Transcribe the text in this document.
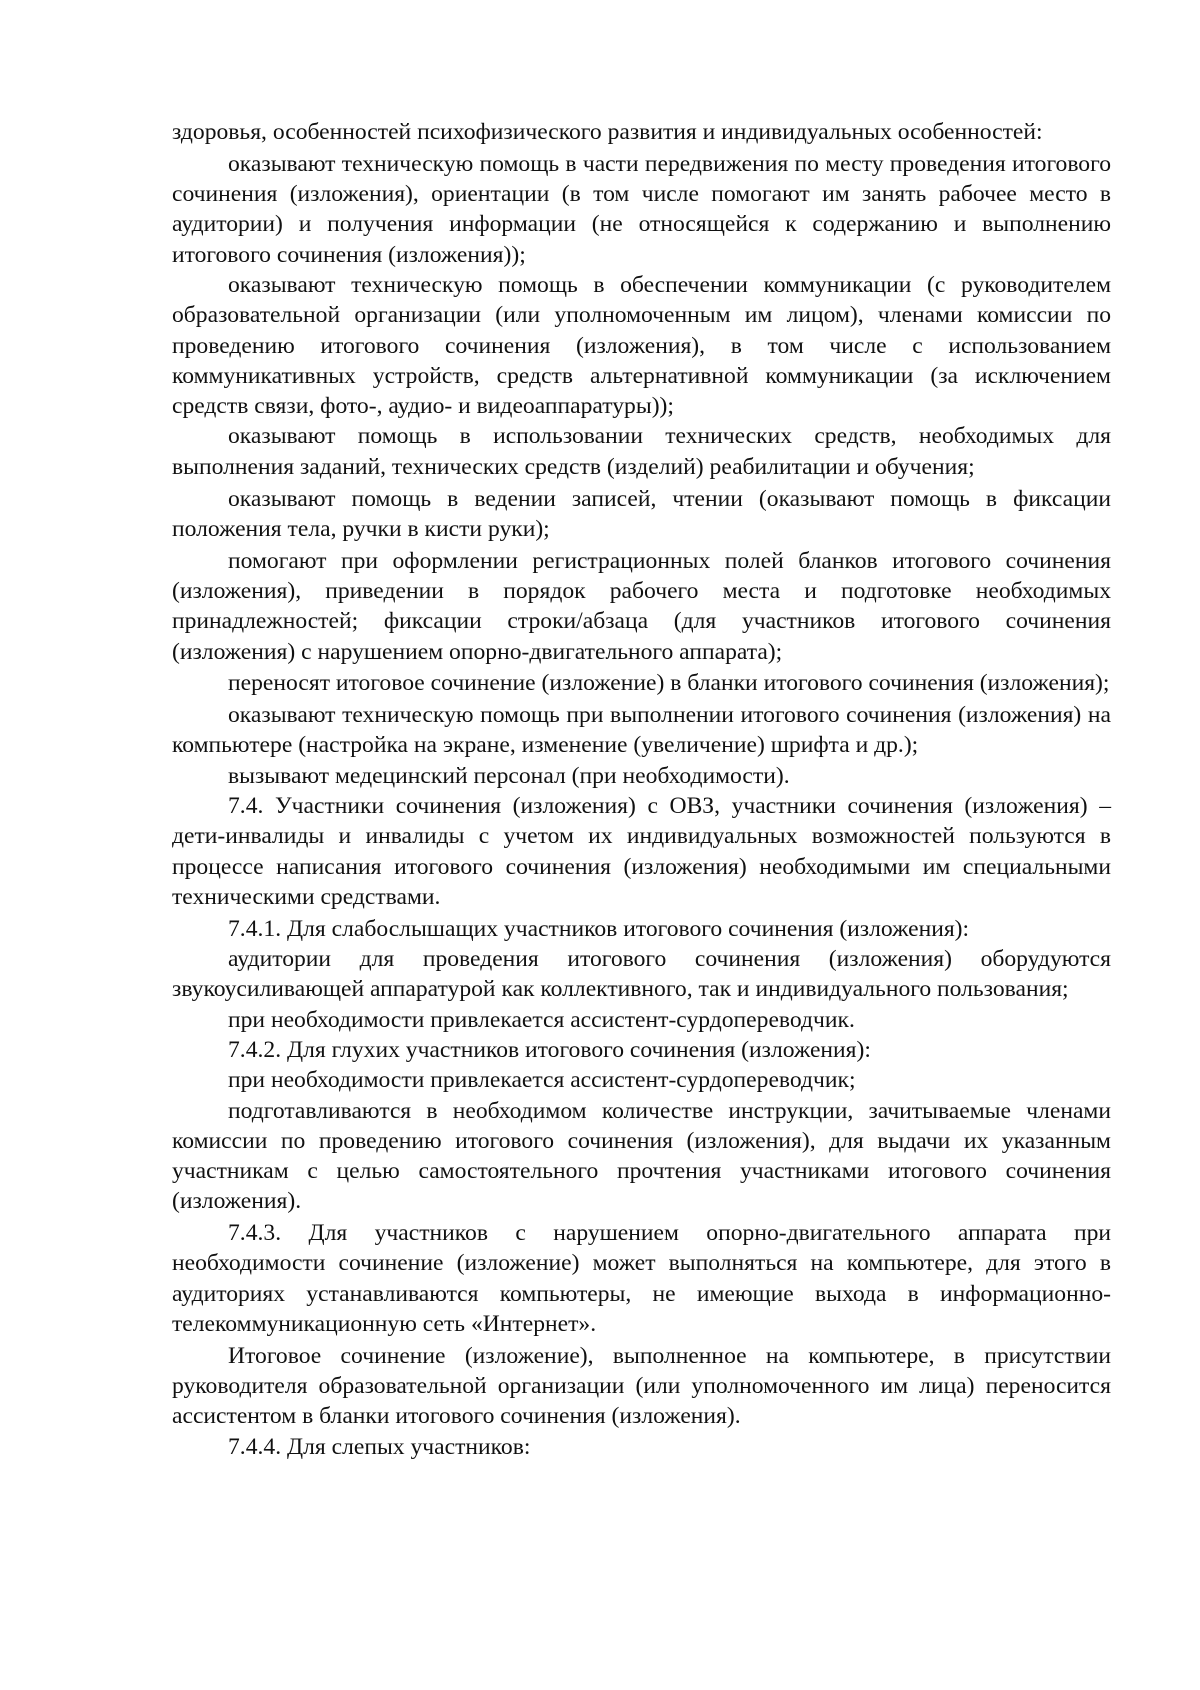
здоровья, особенностей психофизического развития и индивидуальных особенностей:

оказывают техническую помощь в части передвижения по месту проведения итогового сочинения (изложения), ориентации (в том числе помогают им занять рабочее место в аудитории) и получения информации (не относящейся к содержанию и выполнению итогового сочинения (изложения));

оказывают техническую помощь в обеспечении коммуникации (с руководителем образовательной организации (или уполномоченным им лицом), членами комиссии по проведению итогового сочинения (изложения), в том числе с использованием коммуникативных устройств, средств альтернативной коммуникации (за исключением средств связи, фото-, аудио- и видеоаппаратуры));

оказывают помощь в использовании технических средств, необходимых для выполнения заданий, технических средств (изделий) реабилитации и обучения;

оказывают помощь в ведении записей, чтении (оказывают помощь в фиксации положения тела, ручки в кисти руки);

помогают при оформлении регистрационных полей бланков итогового сочинения (изложения), приведении в порядок рабочего места и подготовке необходимых принадлежностей; фиксации строки/абзаца (для участников итогового сочинения (изложения) с нарушением опорно-двигательного аппарата);

переносят итоговое сочинение (изложение) в бланки итогового сочинения (изложения);

оказывают техническую помощь при выполнении итогового сочинения (изложения) на компьютере (настройка на экране, изменение (увеличение) шрифта и др.);

вызывают медецинский персонал (при необходимости).

7.4. Участники сочинения (изложения) с ОВЗ, участники сочинения (изложения) – дети-инвалиды и инвалиды с учетом их индивидуальных возможностей пользуются в процессе написания итогового сочинения (изложения) необходимыми им специальными техническими средствами.

7.4.1. Для слабослышащих участников итогового сочинения (изложения):

аудитории для проведения итогового сочинения (изложения) оборудуются звукоусиливающей аппаратурой как коллективного, так и индивидуального пользования;

при необходимости привлекается ассистент-сурдопереводчик.

7.4.2. Для глухих участников итогового сочинения (изложения):

при необходимости привлекается ассистент-сурдопереводчик;

подготавливаются в необходимом количестве инструкции, зачитываемые членами комиссии по проведению итогового сочинения (изложения), для выдачи их указанным участникам с целью самостоятельного прочтения участниками итогового сочинения (изложения).

7.4.3. Для участников с нарушением опорно-двигательного аппарата при необходимости сочинение (изложение) может выполняться на компьютере, для этого в аудиториях устанавливаются компьютеры, не имеющие выхода в информационно-телекоммуникационную сеть «Интернет».

Итоговое сочинение (изложение), выполненное на компьютере, в присутствии руководителя образовательной организации (или уполномоченного им лица) переносится ассистентом в бланки итогового сочинения (изложения).

7.4.4. Для слепых участников:
